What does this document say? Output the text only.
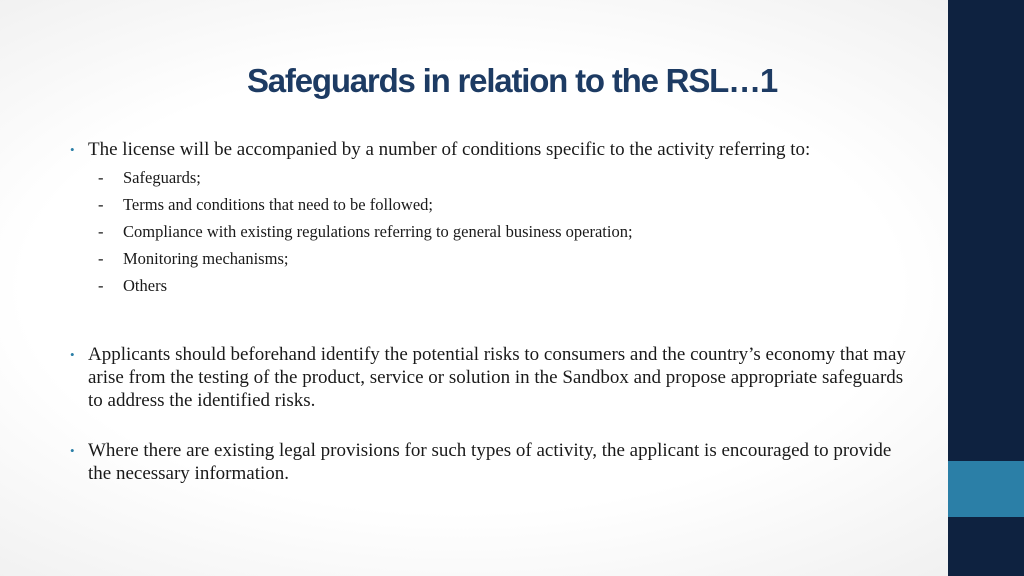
Safeguards in relation to the RSL…1
• The license will be accompanied by a number of conditions specific to the activity referring to:
- Safeguards;
- Terms and conditions that need to be followed;
- Compliance with existing regulations referring to general business operation;
- Monitoring mechanisms;
- Others
• Applicants should beforehand identify the potential risks to consumers and the country’s economy that may arise from the testing of the product, service or solution in the Sandbox and propose appropriate safeguards to address the identified risks.
• Where there are existing legal provisions for such types of activity, the applicant is encouraged to provide the necessary information.
